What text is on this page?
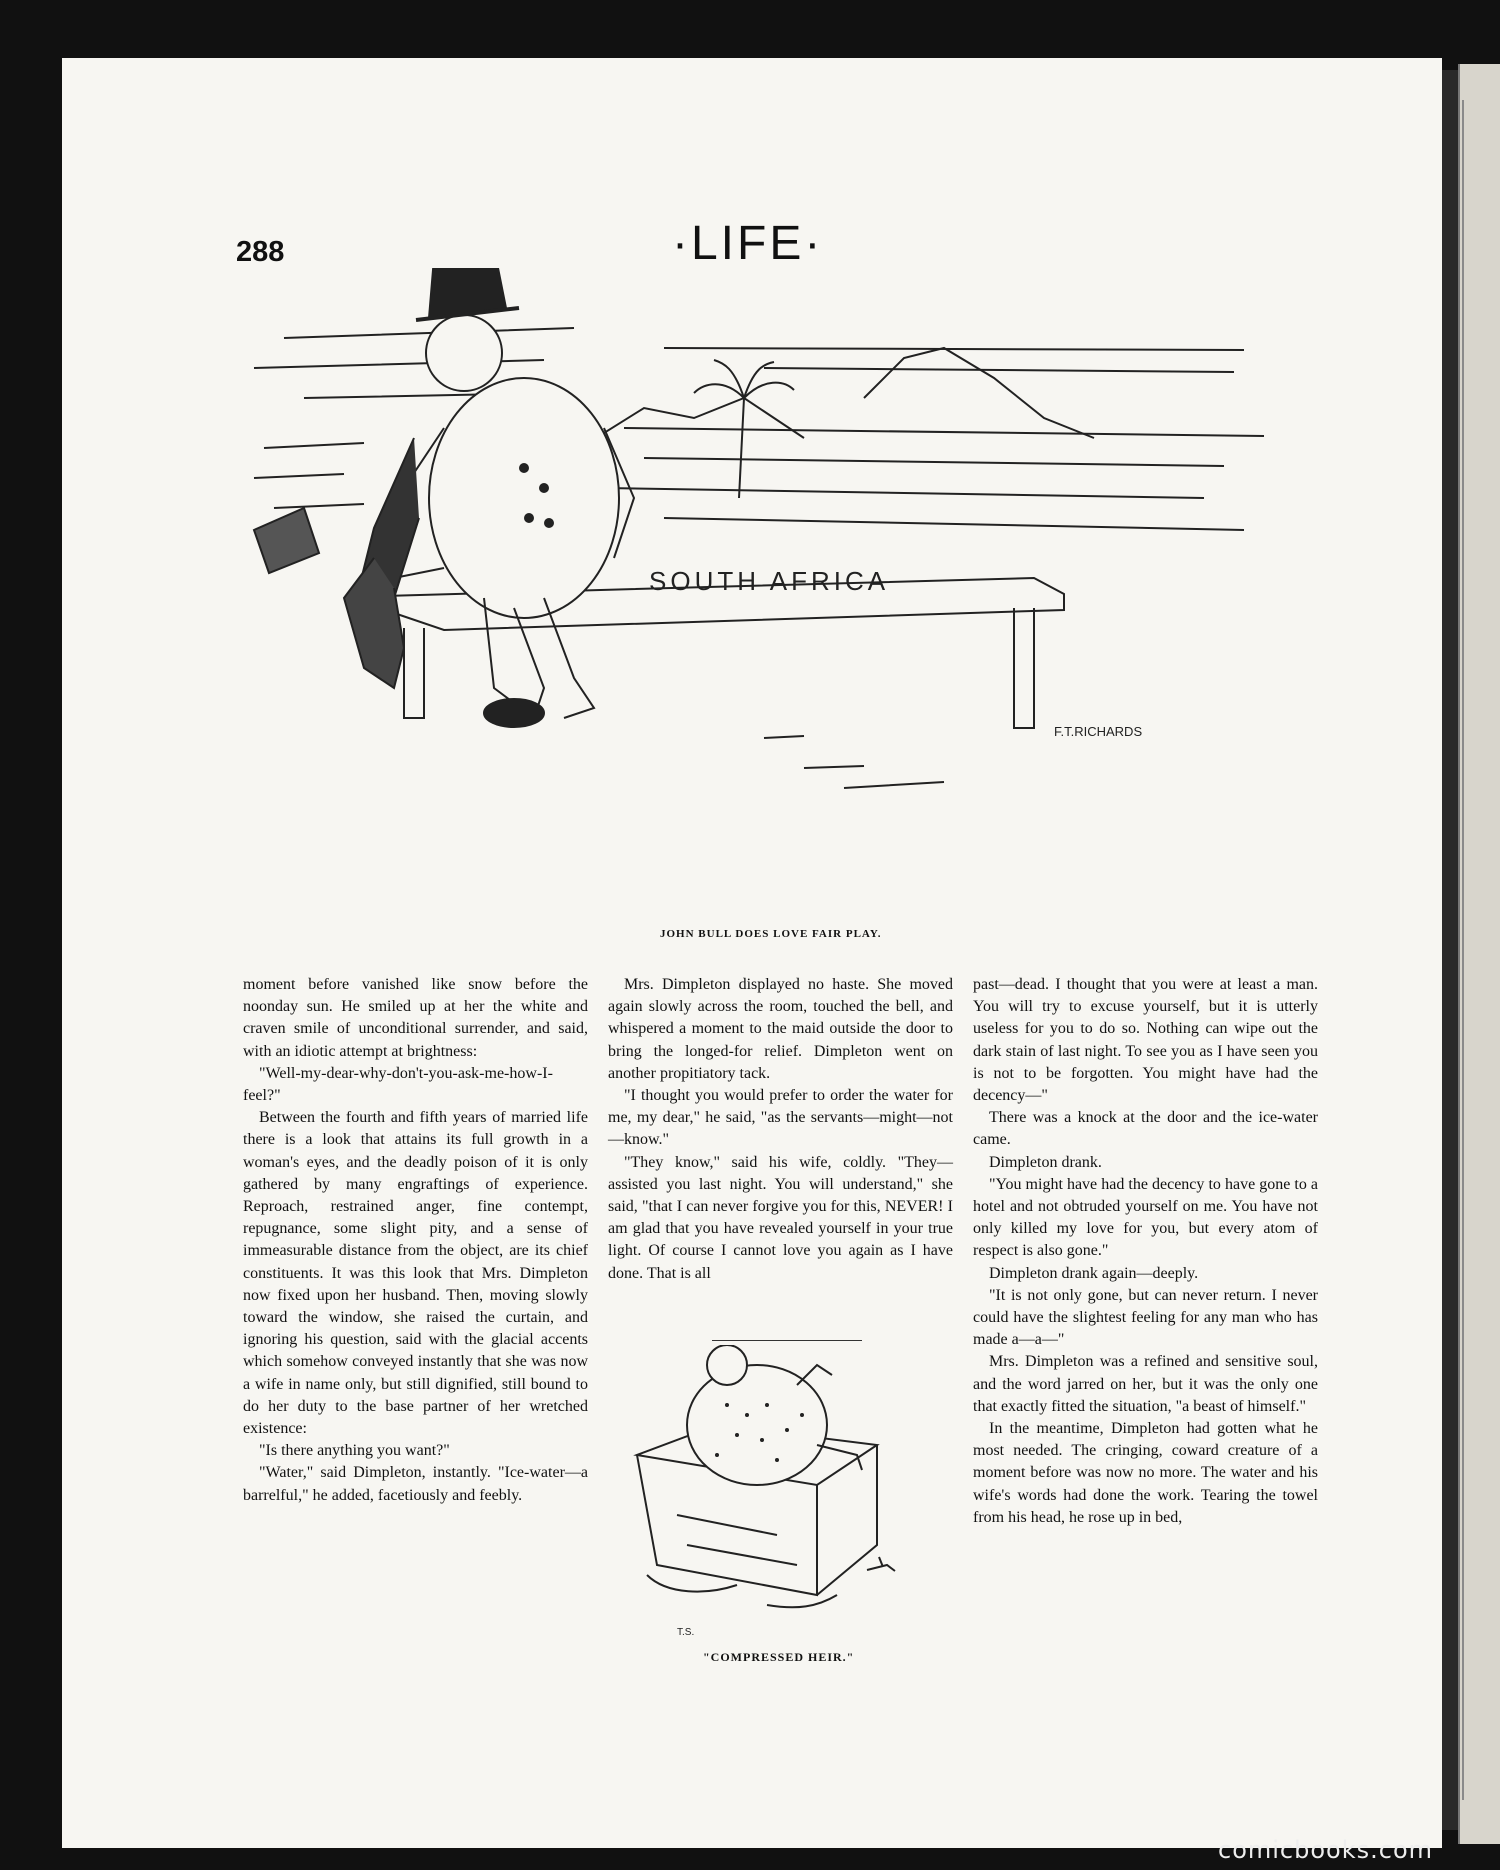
288	·LIFE·
SOUTH AFRICA
F.T.RICHARDS
JOHN BULL DOES LOVE FAIR PLAY.

moment before vanished like snow before the noonday sun. He smiled up at her the white and craven smile of unconditional surrender, and said, with an idiotic attempt at brightness:

"Well-my-dear-why-don't-you-ask-me-how-I-feel?"

Between the fourth and fifth years of married life there is a look that attains its full growth in a woman's eyes, and the deadly poison of it is only gathered by many engraftings of experience. Reproach, restrained anger, fine contempt, repugnance, some slight pity, and a sense of immeasurable distance from the object, are its chief constituents. It was this look that Mrs. Dimpleton now fixed upon her husband. Then, moving slowly toward the window, she raised the curtain, and ignoring his question, said with the glacial accents which somehow conveyed instantly that she was now a wife in name only, but still dignified, still bound to do her duty to the base partner of her wretched existence:

"Is there anything you want?"

"Water," said Dimpleton, instantly. "Ice-water—a barrelful," he added, facetiously and feebly.

Mrs. Dimpleton displayed no haste. She moved again slowly across the room, touched the bell, and whispered a moment to the maid outside the door to bring the longed-for relief. Dimpleton went on another propitiatory tack.

"I thought you would prefer to order the water for me, my dear," he said, "as the servants—might—not—know."

"They know," said his wife, coldly. "They—assisted you last night. You will understand," she said, "that I can never forgive you for this, NEVER! I am glad that you have revealed yourself in your true light. Of course I cannot love you again as I have done. That is all

T.S.
"COMPRESSED HEIR."

past—dead. I thought that you were at least a man. You will try to excuse yourself, but it is utterly useless for you to do so. Nothing can wipe out the dark stain of last night. To see you as I have seen you is not to be forgotten. You might have had the decency—"

There was a knock at the door and the ice-water came.

Dimpleton drank.

"You might have had the decency to have gone to a hotel and not obtruded yourself on me. You have not only killed my love for you, but every atom of respect is also gone."

Dimpleton drank again—deeply.

"It is not only gone, but can never return. I never could have the slightest feeling for any man who has made a—a—"

Mrs. Dimpleton was a refined and sensitive soul, and the word jarred on her, but it was the only one that exactly fitted the situation, "a beast of himself."

In the meantime, Dimpleton had gotten what he most needed. The cringing, coward creature of a moment before was now no more. The water and his wife's words had done the work. Tearing the towel from his head, he rose up in bed,

comicbooks.com
